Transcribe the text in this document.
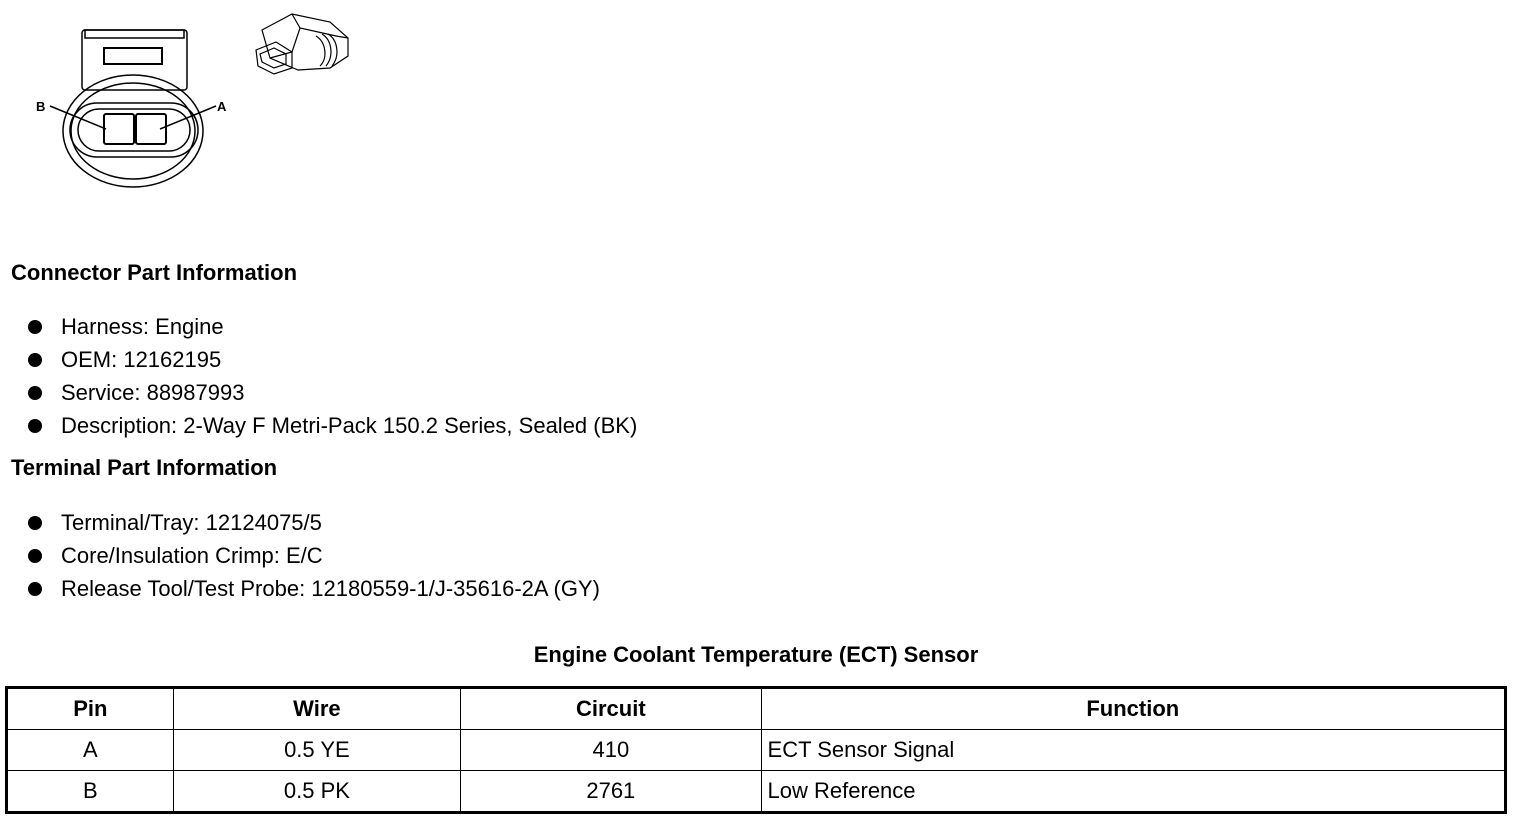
B	A
Connector Part Information
Harness: Engine
OEM: 12162195
Service: 88987993
Description: 2-Way F Metri-Pack 150.2 Series, Sealed (BK)
Terminal Part Information
Terminal/Tray: 12124075/5
Core/Insulation Crimp: E/C
Release Tool/Test Probe: 12180559-1/J-35616-2A (GY)
Engine Coolant Temperature (ECT) Sensor
Pin	Wire	Circuit	Function
A	0.5 YE	410	ECT Sensor Signal
B	0.5 PK	2761	Low Reference
